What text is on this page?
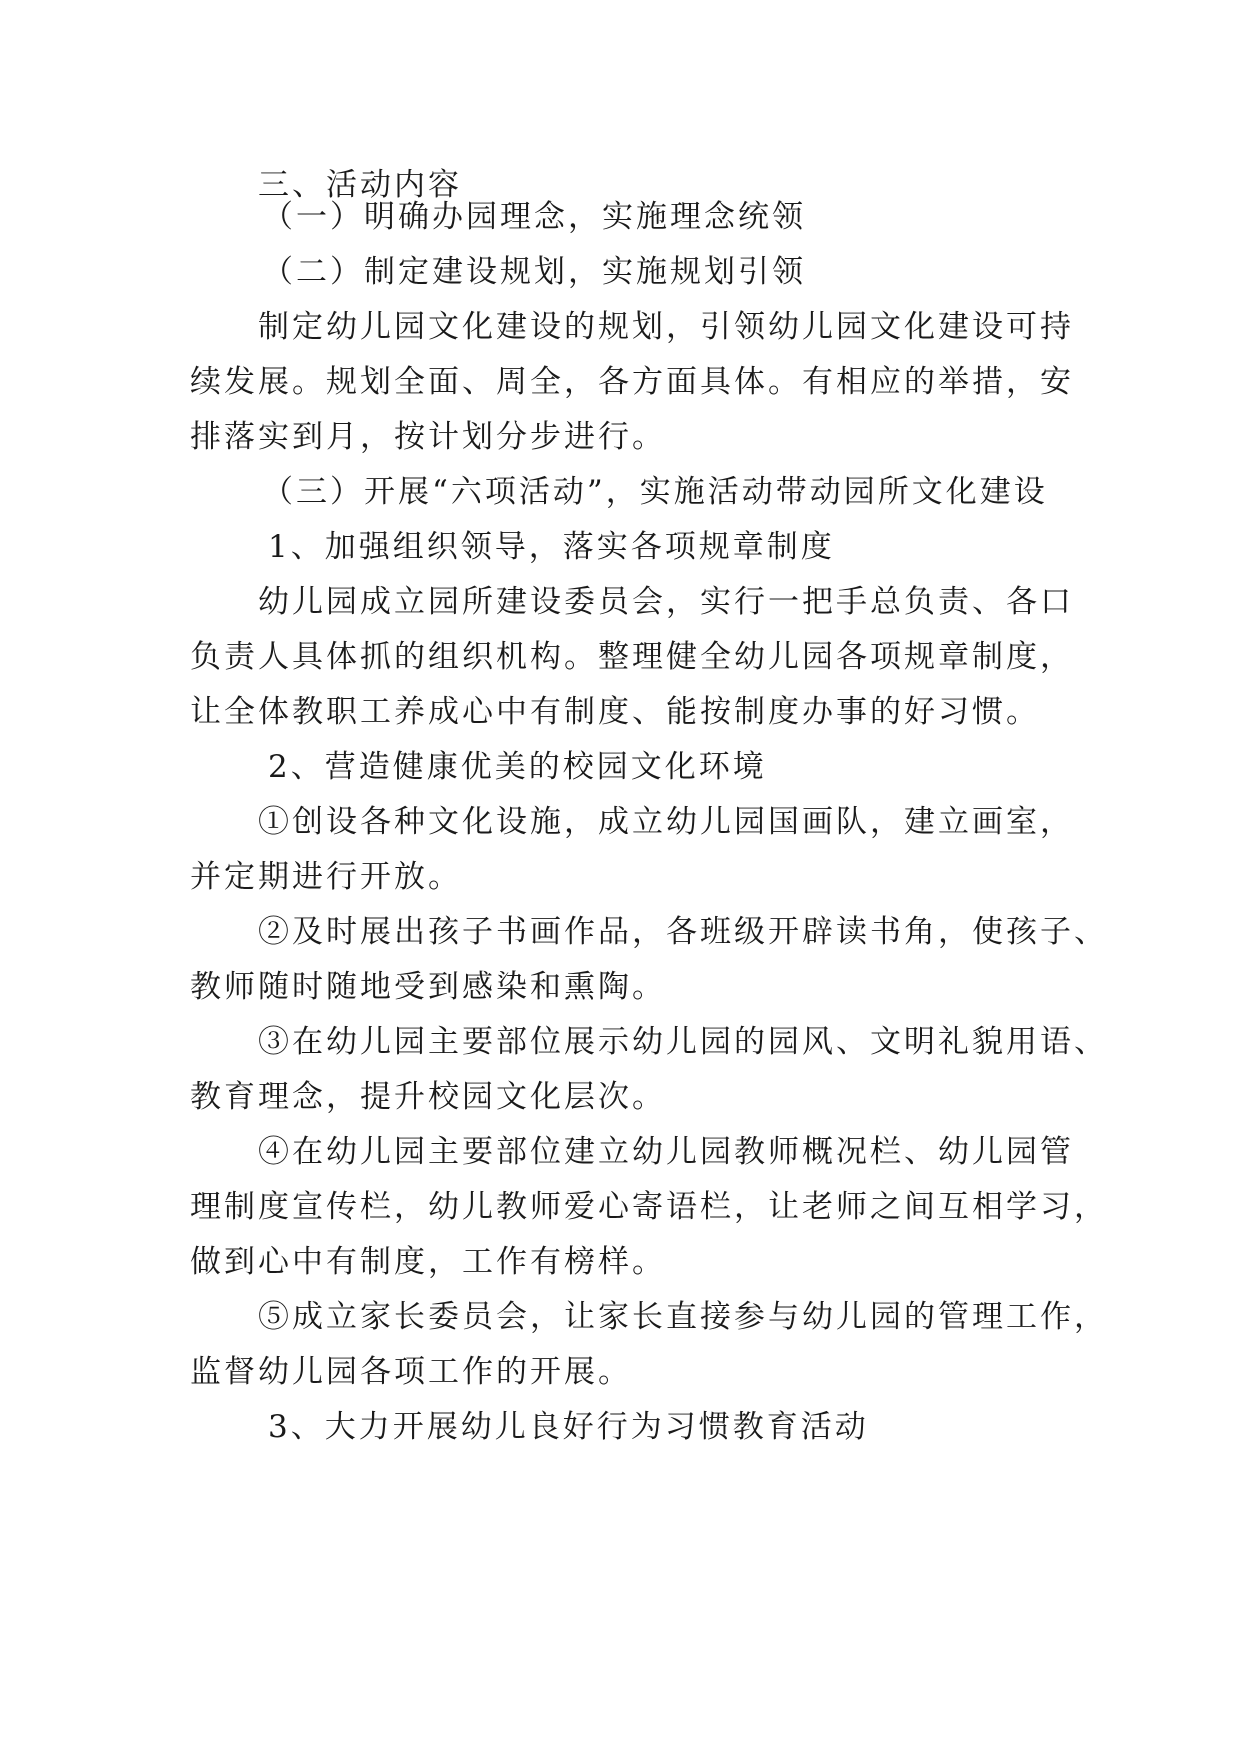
三、活动内容

（一）明确办园理念，实施理念统领

（二）制定建设规划，实施规划引领

制定幼儿园文化建设的规划，引领幼儿园文化建设可持

续发展。规划全面、周全，各方面具体。有相应的举措，安

排落实到月，按计划分步进行。

（三）开展“六项活动”，实施活动带动园所文化建设

1、加强组织领导，落实各项规章制度

幼儿园成立园所建设委员会，实行一把手总负责、各口

负责人具体抓的组织机构。整理健全幼儿园各项规章制度，

让全体教职工养成心中有制度、能按制度办事的好习惯。

2、营造健康优美的校园文化环境

①创设各种文化设施，成立幼儿园国画队，建立画室，

并定期进行开放。

②及时展出孩子书画作品，各班级开辟读书角，使孩子、

教师随时随地受到感染和熏陶。

③在幼儿园主要部位展示幼儿园的园风、文明礼貌用语、

教育理念，提升校园文化层次。

④在幼儿园主要部位建立幼儿园教师概况栏、幼儿园管

理制度宣传栏，幼儿教师爱心寄语栏，让老师之间互相学习，

做到心中有制度，工作有榜样。

⑤成立家长委员会，让家长直接参与幼儿园的管理工作，

监督幼儿园各项工作的开展。

3、大力开展幼儿良好行为习惯教育活动
